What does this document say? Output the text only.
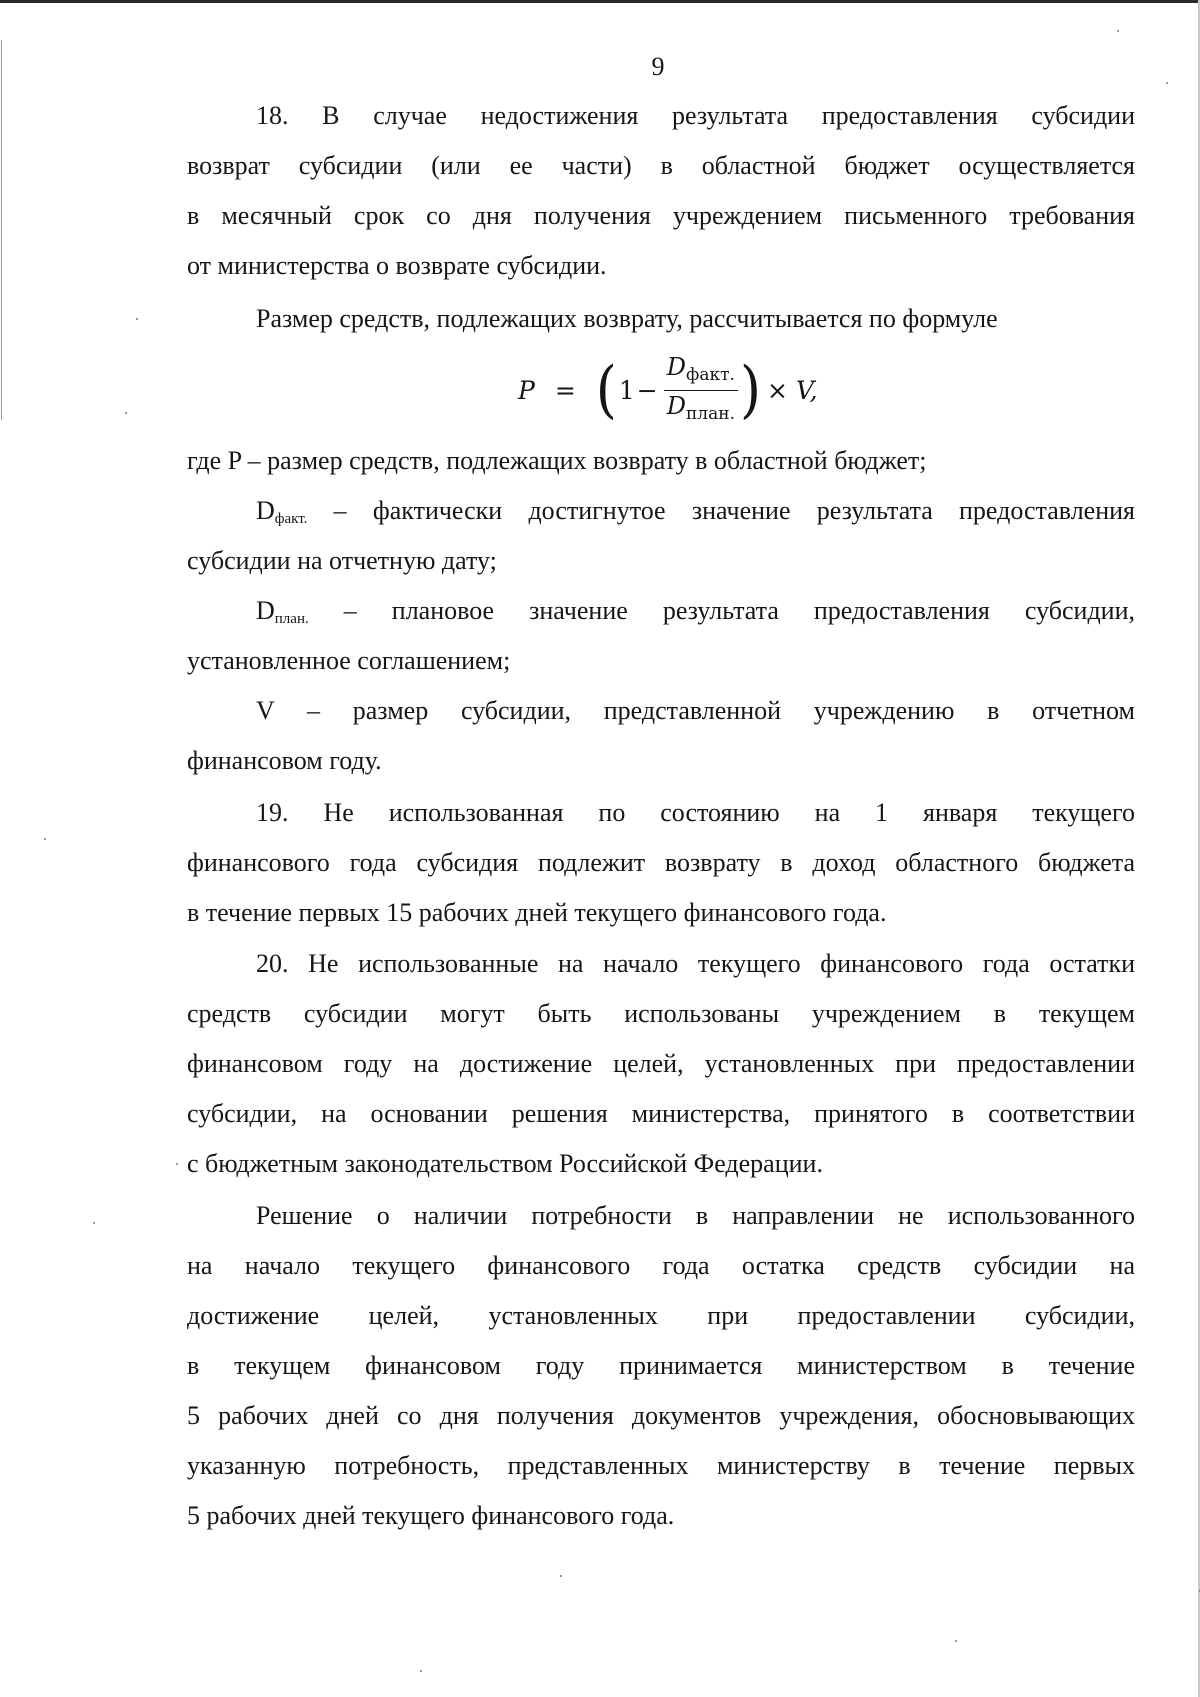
9
18. В случае недостижения результата предоставления субсидии
возврат субсидии (или ее части) в областной бюджет осуществляется
в месячный срок со дня получения учреждением письменного требования
от министерства о возврате субсидии.
Размер средств, подлежащих возврату, рассчитывается по формуле
P = ( $1 - \frac{D_{факт.}}{D_{план.}}$ ) × V,
где P – размер средств, подлежащих возврату в областной бюджет;
$D_{факт.}$ – фактически достигнутое значение результата предоставления
субсидии на отчетную дату;
$D_{план.}$ – плановое значение результата предоставления субсидии,
установленное соглашением;
V – размер субсидии, представленной учреждению в отчетном
финансовом году.
19. Не использованная по состоянию на 1 января текущего
финансового года субсидия подлежит возврату в доход областного бюджета
в течение первых 15 рабочих дней текущего финансового года.
20. Не использованные на начало текущего финансового года остатки
средств субсидии могут быть использованы учреждением в текущем
финансовом году на достижение целей, установленных при предоставлении
субсидии, на основании решения министерства, принятого в соответствии
с бюджетным законодательством Российской Федерации.
Решение о наличии потребности в направлении не использованного
на начало текущего финансового года остатка средств субсидии на
достижение целей, установленных при предоставлении субсидии,
в текущем финансовом году принимается министерством в течение
5 рабочих дней со дня получения документов учреждения, обосновывающих
указанную потребность, представленных министерству в течение первых
5 рабочих дней текущего финансового года.
